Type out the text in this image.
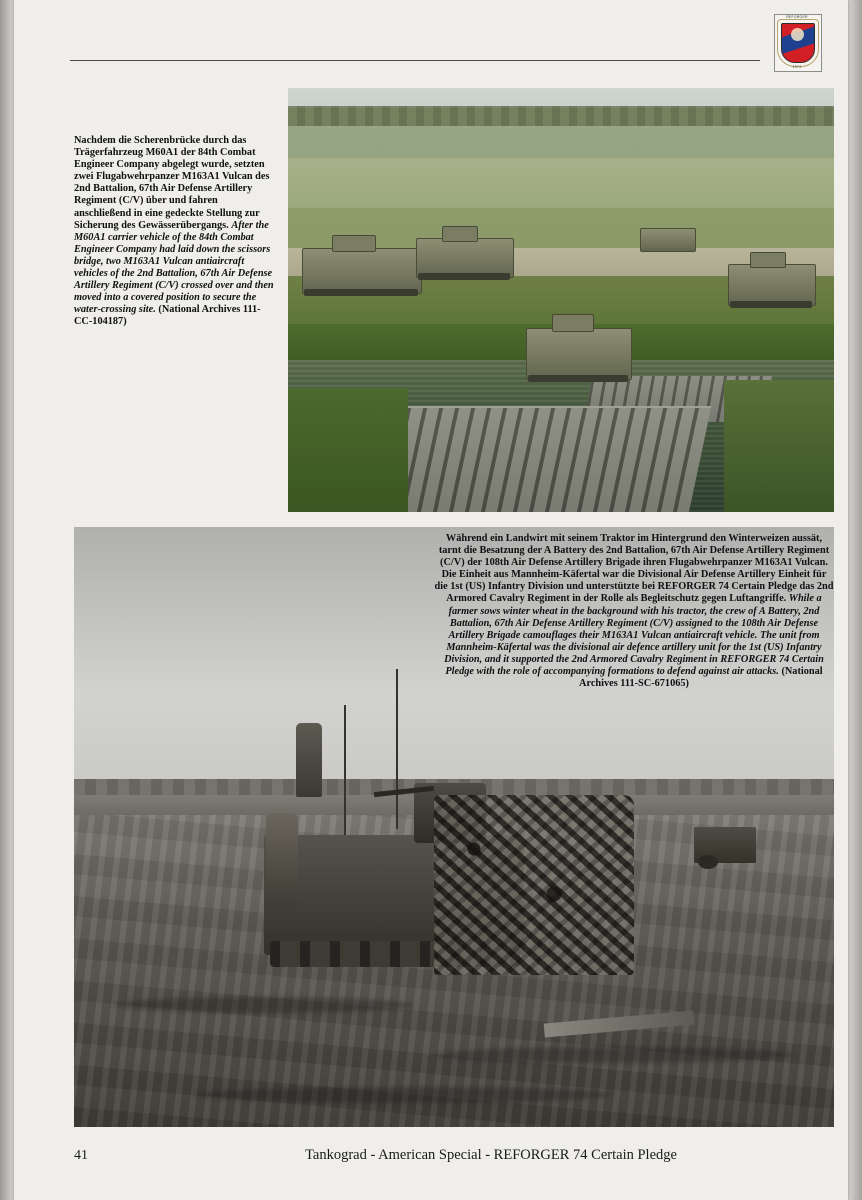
REFORGER
1974
Nachdem die Scherenbrücke durch das Trägerfahrzeug M60A1 der 84th Combat Engineer Company abgelegt wurde, setzten zwei Flugabwehrpanzer M163A1 Vulcan des 2nd Battalion, 67th Air Defense Artillery Regiment (C/V) über und fahren anschließend in eine gedeckte Stellung zur Sicherung des Gewässerübergangs. After the M60A1 carrier vehicle of the 84th Combat Engineer Company had laid down the scissors bridge, two M163A1 Vulcan antiaircraft vehicles of the 2nd Battalion, 67th Air Defense Artillery Regiment (C/V) crossed over and then moved into a covered position to secure the water-crossing site. (National Archives 111-CC-104187)
Während ein Landwirt mit seinem Traktor im Hintergrund den Winterweizen aussät, tarnt die Besatzung der A Battery des 2nd Battalion, 67th Air Defense Artillery Regiment (C/V) der 108th Air Defense Artillery Brigade ihren Flugabwehrpanzer M163A1 Vulcan. Die Einheit aus Mannheim-Käfertal war die Divisional Air Defense Artillery Einheit für die 1st (US) Infantry Division und unterstützte bei REFORGER 74 Certain Pledge das 2nd Armored Cavalry Regiment in der Rolle als Begleitschutz gegen Luftangriffe. While a farmer sows winter wheat in the background with his tractor, the crew of A Battery, 2nd Battalion, 67th Air Defense Artillery Regiment (C/V) assigned to the 108th Air Defense Artillery Brigade camouflages their M163A1 Vulcan antiaircraft vehicle. The unit from Mannheim-Käfertal was the divisional air defence artillery unit for the 1st (US) Infantry Division, and it supported the 2nd Armored Cavalry Regiment in REFORGER 74 Certain Pledge with the role of accompanying formations to defend against air attacks. (National Archives 111-SC-671065)
41	Tankograd - American Special - REFORGER 74 Certain Pledge
